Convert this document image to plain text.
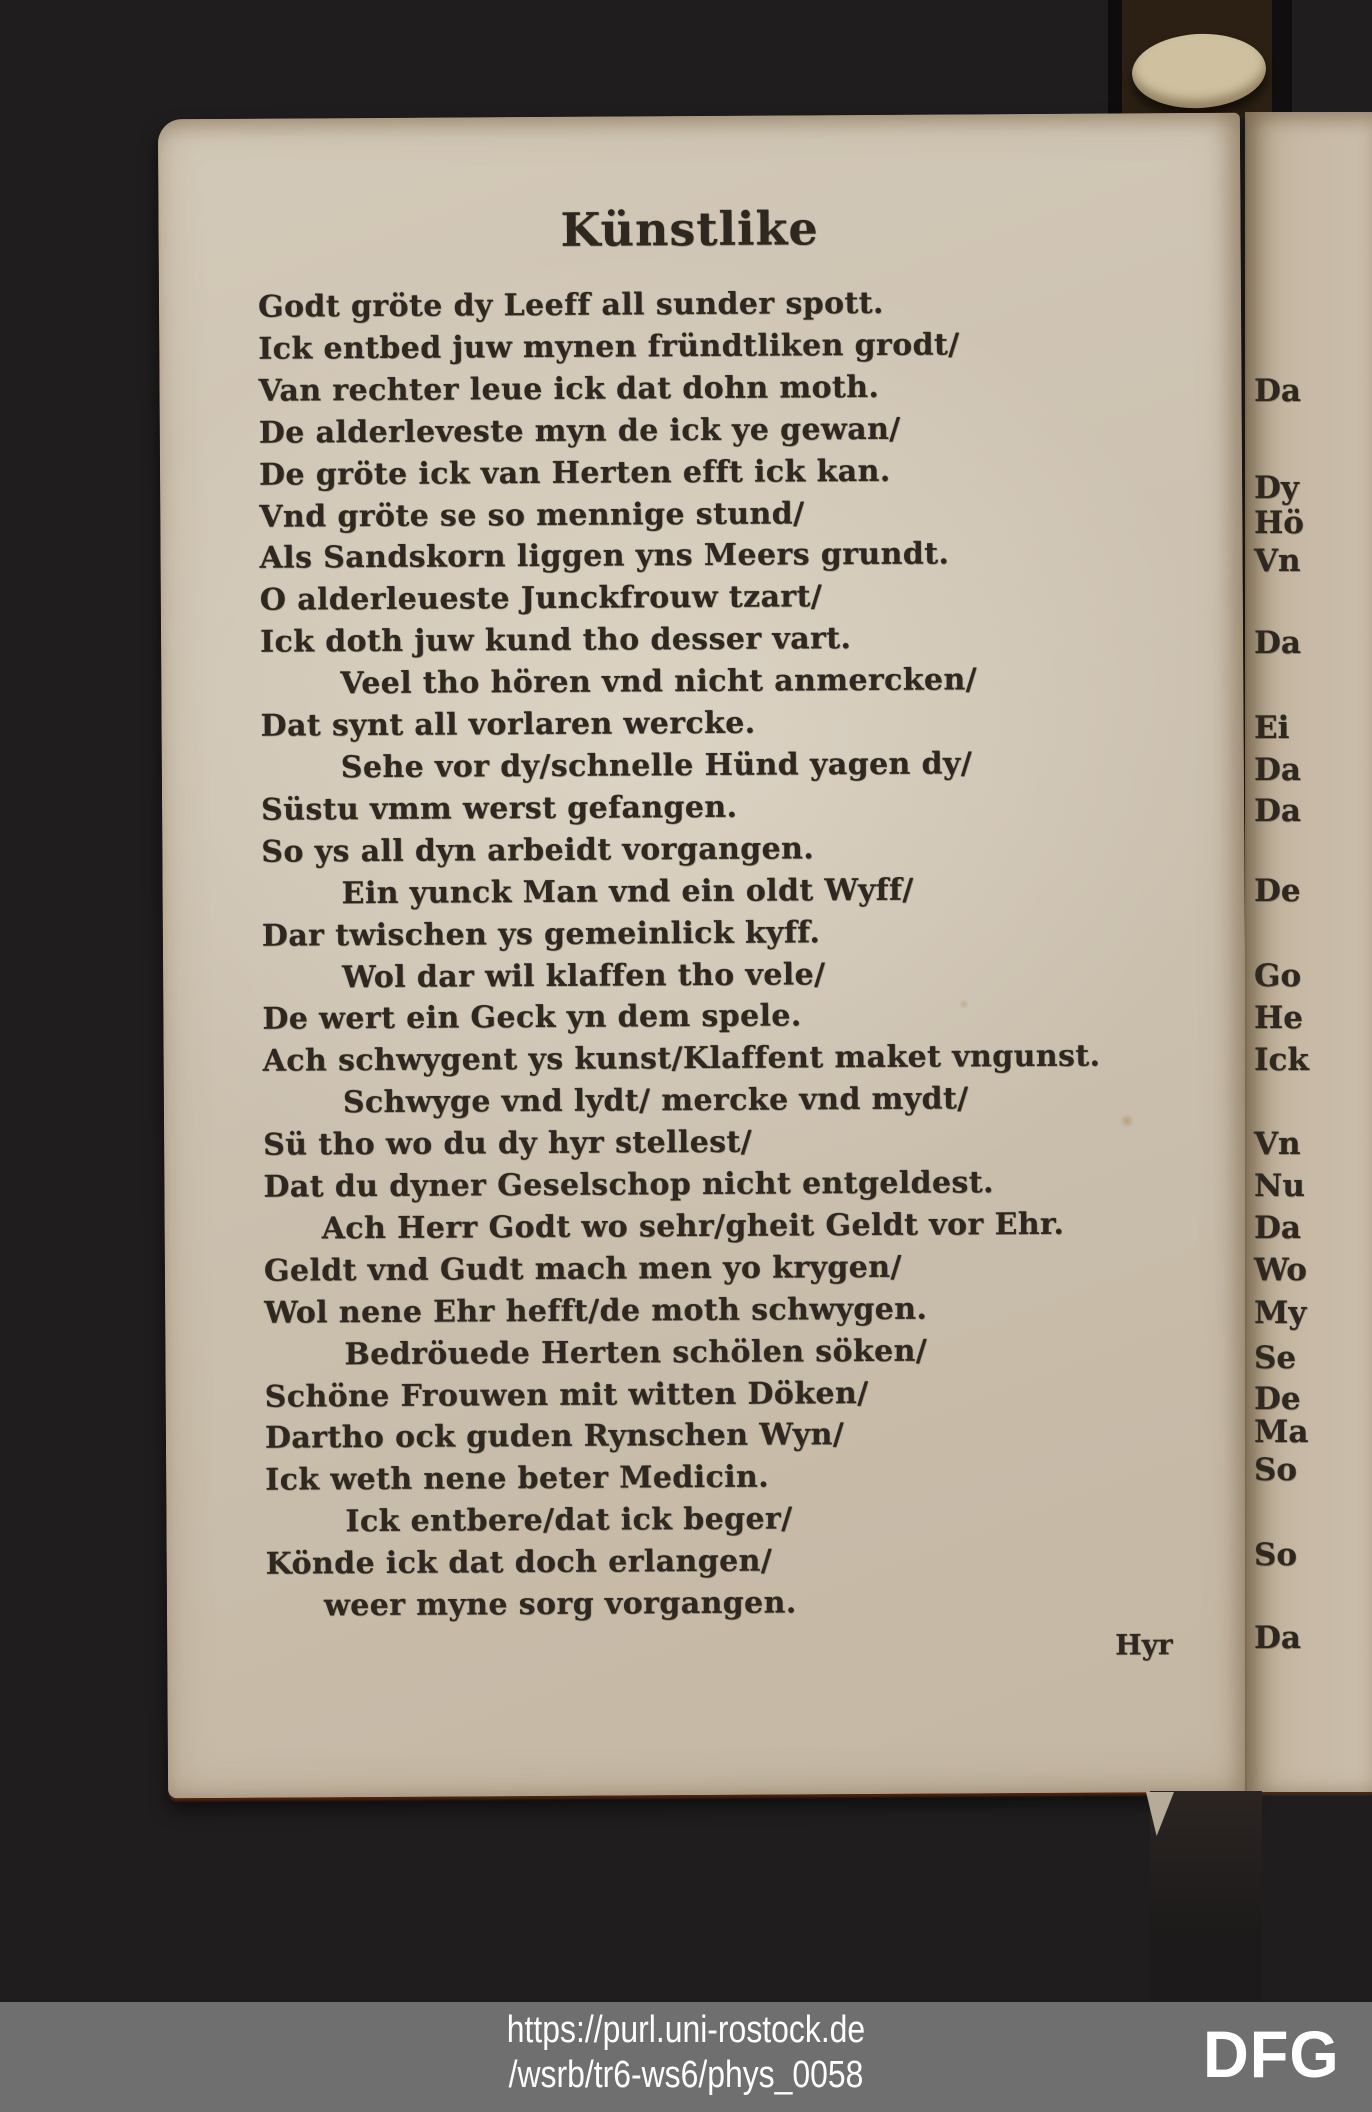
Künstlike
Godt gröte dy Leeff all sunder spott.
Ick entbed juw mynen fründtliken grodt/
Van rechter leue ick dat dohn moth.
De alderleveste myn de ick ye gewan/
De gröte ick van Herten efft ick kan.
Vnd gröte se so mennige stund/
Als Sandskorn liggen yns Meers grundt.
O alderleueste Junckfrouw tzart/
Ick doth juw kund tho desser vart.
Veel tho hören vnd nicht anmercken/
Dat synt all vorlaren wercke.
Sehe vor dy/schnelle Hünd yagen dy/
Süstu vmm werst gefangen.
So ys all dyn arbeidt vorgangen.
Ein yunck Man vnd ein oldt Wyff/
Dar twischen ys gemeinlick kyff.
Wol dar wil klaffen tho vele/
De wert ein Geck yn dem spele.
Ach schwygent ys kunst/Klaffent maket vngunst.
Schwyge vnd lydt/ mercke vnd mydt/
Sü tho wo du dy hyr stellest/
Dat du dyner Geselschop nicht entgeldest.
Ach Herr Godt wo sehr/gheit Geldt vor Ehr.
Geldt vnd Gudt mach men yo krygen/
Wol nene Ehr hefft/de moth schwygen.
Bedröuede Herten schölen söken/
Schöne Frouwen mit witten Döken/
Dartho ock guden Rynschen Wyn/
Ick weth nene beter Medicin.
Ick entbere/dat ick beger/
Könde ick dat doch erlangen/
weer myne sorg vorgangen.
Hyr
Da
Dy
Hö
Vn
Da
Ei
Da
Da
De
Go
He
Ick
Vn
Nu
Da
Wo
My
Se
De
Ma
So
So
Da
https://purl.uni-rostock.de
/wsrb/tr6-ws6/phys_0058	DFG
